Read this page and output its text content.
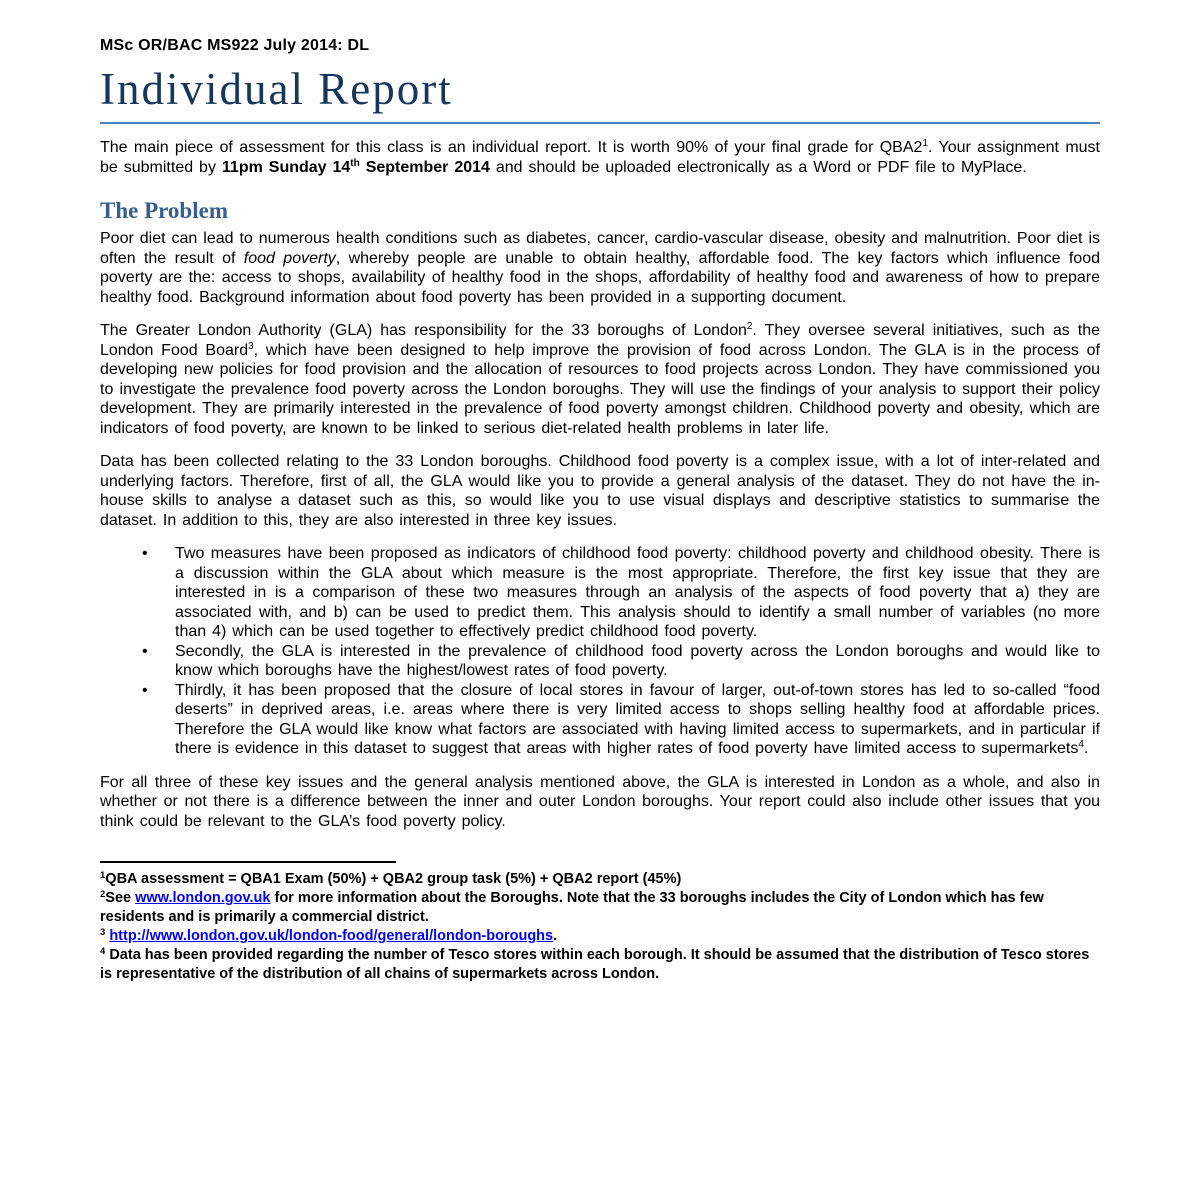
MSc OR/BAC MS922 July 2014: DL
Individual Report

The main piece of assessment for this class is an individual report. It is worth 90% of your final grade for QBA2$^1$. Your assignment must be submitted by 11pm Sunday 14th September 2014 and should be uploaded electronically as a Word or PDF file to MyPlace.

The Problem

Poor diet can lead to numerous health conditions such as diabetes, cancer, cardio-vascular disease, obesity and malnutrition. Poor diet is often the result of food poverty, whereby people are unable to obtain healthy, affordable food. The key factors which influence food poverty are the: access to shops, availability of healthy food in the shops, affordability of healthy food and awareness of how to prepare healthy food. Background information about food poverty has been provided in a supporting document.

The Greater London Authority (GLA) has responsibility for the 33 boroughs of London$^2$. They oversee several initiatives, such as the London Food Board$^3$, which have been designed to help improve the provision of food across London. The GLA is in the process of developing new policies for food provision and the allocation of resources to food projects across London. They have commissioned you to investigate the prevalence food poverty across the London boroughs. They will use the findings of your analysis to support their policy development. They are primarily interested in the prevalence of food poverty amongst children. Childhood poverty and obesity, which are indicators of food poverty, are known to be linked to serious diet-related health problems in later life.

Data has been collected relating to the 33 London boroughs. Childhood food poverty is a complex issue, with a lot of inter-related and underlying factors. Therefore, first of all, the GLA would like you to provide a general analysis of the dataset. They do not have the in-house skills to analyse a dataset such as this, so would like you to use visual displays and descriptive statistics to summarise the dataset. In addition to this, they are also interested in three key issues.

• Two measures have been proposed as indicators of childhood food poverty: childhood poverty and childhood obesity. There is a discussion within the GLA about which measure is the most appropriate. Therefore, the first key issue that they are interested in is a comparison of these two measures through an analysis of the aspects of food poverty that a) they are associated with, and b) can be used to predict them. This analysis should to identify a small number of variables (no more than 4) which can be used together to effectively predict childhood food poverty.
• Secondly, the GLA is interested in the prevalence of childhood food poverty across the London boroughs and would like to know which boroughs have the highest/lowest rates of food poverty.
• Thirdly, it has been proposed that the closure of local stores in favour of larger, out-of-town stores has led to so-called “food deserts” in deprived areas, i.e. areas where there is very limited access to shops selling healthy food at affordable prices. Therefore the GLA would like know what factors are associated with having limited access to supermarkets, and in particular if there is evidence in this dataset to suggest that areas with higher rates of food poverty have limited access to supermarkets$^4$.

For all three of these key issues and the general analysis mentioned above, the GLA is interested in London as a whole, and also in whether or not there is a difference between the inner and outer London boroughs. Your report could also include other issues that you think could be relevant to the GLA’s food poverty policy.

$^1$QBA assessment = QBA1 Exam (50%) + QBA2 group task (5%) + QBA2 report (45%)

$^2$See www.london.gov.uk for more information about the Boroughs. Note that the 33 boroughs includes the City of London which has few residents and is primarily a commercial district.

$^3$ http://www.london.gov.uk/london-food/general/london-boroughs.

$^4$ Data has been provided regarding the number of Tesco stores within each borough. It should be assumed that the distribution of Tesco stores is representative of the distribution of all chains of supermarkets across London.
